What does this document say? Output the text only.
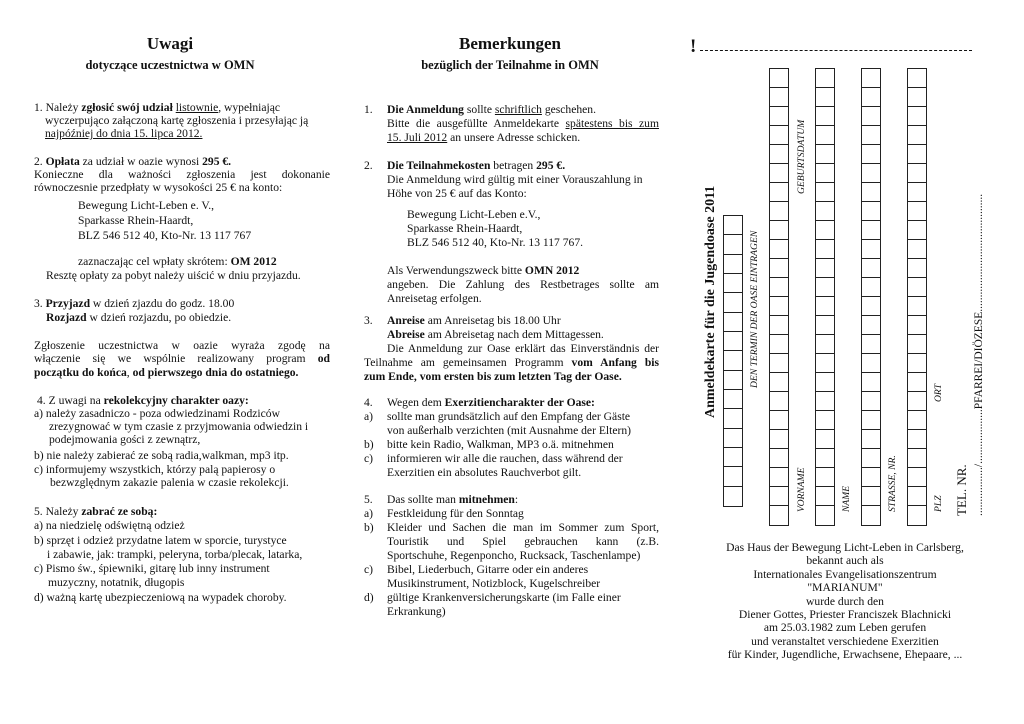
Uwagi
dotyczące uczestnictwa w OMN
1. Należy zgłosić swój udział listownie, wypełniając
wyczerpująco załączoną kartę zgłoszenia i przesyłając ją
najpóźniej do dnia 15. lipca 2012.
2. Opłata za udział w oazie wynosi 295 €.
Konieczne dla ważności zgłoszenia jest dokonanie
równoczesnie przedpłaty w wysokości 25 € na konto:
Bewegung Licht-Leben e. V.,
Sparkasse Rhein-Haardt,
BLZ 546 512 40, Kto-Nr. 13 117 767
zaznaczając cel wpłaty skrótem: OM 2012
Resztę opłaty za pobyt należy uiścić w dniu przyjazdu.
3. Przyjazd w dzień zjazdu do godz. 18.00
Rozjazd w dzień rozjazdu, po obiedzie.
Zgłoszenie uczestnictwa w oazie wyraża zgodę na
włączenie się we wspólnie realizowany program od
początku do końca, od pierwszego dnia do ostatniego.
4. Z uwagi na rekolekcyjny charakter oazy:
a) należy zasadniczo - poza odwiedzinami Rodziców
zrezygnować w tym czasie z przyjmowania odwiedzin i
podejmowania gości z zewnątrz,
b) nie należy zabierać ze sobą radia,walkman, mp3 itp.
c) informujemy wszystkich, którzy palą papierosy o
bezwzględnym zakazie palenia w czasie rekolekcji.
5. Należy zabrać ze sobą:
a) na niedzielę odświętną odzież
b) sprzęt i odzież przydatne latem w sporcie, turystyce
i zabawie, jak: trampki, peleryna, torba/plecak, latarka,
c) Pismo św., śpiewniki, gitarę lub inny instrument
muzyczny, notatnik, długopis
d) ważną kartę ubezpieczeniową na wypadek choroby.
Bemerkungen
bezüglich der Teilnahme in OMN
1. Die Anmeldung sollte schriftlich geschehen.
Bitte die ausgefüllte Anmeldekarte spätestens bis zum
15. Juli 2012 an unsere Adresse schicken.
2. Die Teilnahmekosten betragen 295 €.
Die Anmeldung wird gültig mit einer Vorauszahlung in
Höhe von 25 € auf das Konto:
Bewegung Licht-Leben e.V.,
Sparkasse Rhein-Haardt,
BLZ 546 512 40, Kto-Nr. 13 117 767.
Als Verwendungszweck bitte OMN 2012
angeben. Die Zahlung des Restbetrages sollte am
Anreisetag erfolgen.
3. Anreise am Anreisetag bis 18.00 Uhr
Abreise am Abreisetag nach dem Mittagessen.
Die Anmeldung zur Oase erklärt das Einverständnis der
Teilnahme am gemeinsamen Programm vom Anfang bis
zum Ende, vom ersten bis zum letzten Tag der Oase.
4. Wegen dem Exerzitiencharakter der Oase:
a) sollte man grundsätzlich auf den Empfang der Gäste
von außerhalb verzichten (mit Ausnahme der Eltern)
b) bitte kein Radio, Walkman, MP3 o.ä. mitnehmen
c) informieren wir alle die rauchen, dass während der
Exerzitien ein absolutes Rauchverbot gilt.
5. Das sollte man mitnehmen:
a) Festkleidung für den Sonntag
b) Kleider und Sachen die man im Sommer zum Sport,
Touristik und Spiel gebrauchen kann (z.B.
Sportschuhe, Regenponcho, Rucksack, Taschenlampe)
c) Bibel, Liederbuch, Gitarre oder ein anderes
Musikinstrument, Notizblock, Kugelschreiber
d) gültige Krankenversicherungskarte (im Falle einer
Erkrankung)
!
Anmeldekarte für die Jugendoase 2011	DEN TERMIN DER OASE EINTRAGEN
GEBURTSDATUM
VORNAME	NAME	STRASSE, NR.	PLZ
ORT
TEL. NR. ................./...................PFARREI/DIÖZESE.........................................
Das Haus der Bewegung Licht-Leben in Carlsberg,
bekannt auch als
Internationales Evangelisationszentrum
"MARIANUM"
wurde durch den
Diener Gottes, Priester Franciszek Blachnicki
am 25.03.1982 zum Leben gerufen
und veranstaltet verschiedene Exerzitien
für Kinder, Jugendliche, Erwachsene, Ehepaare, ...
